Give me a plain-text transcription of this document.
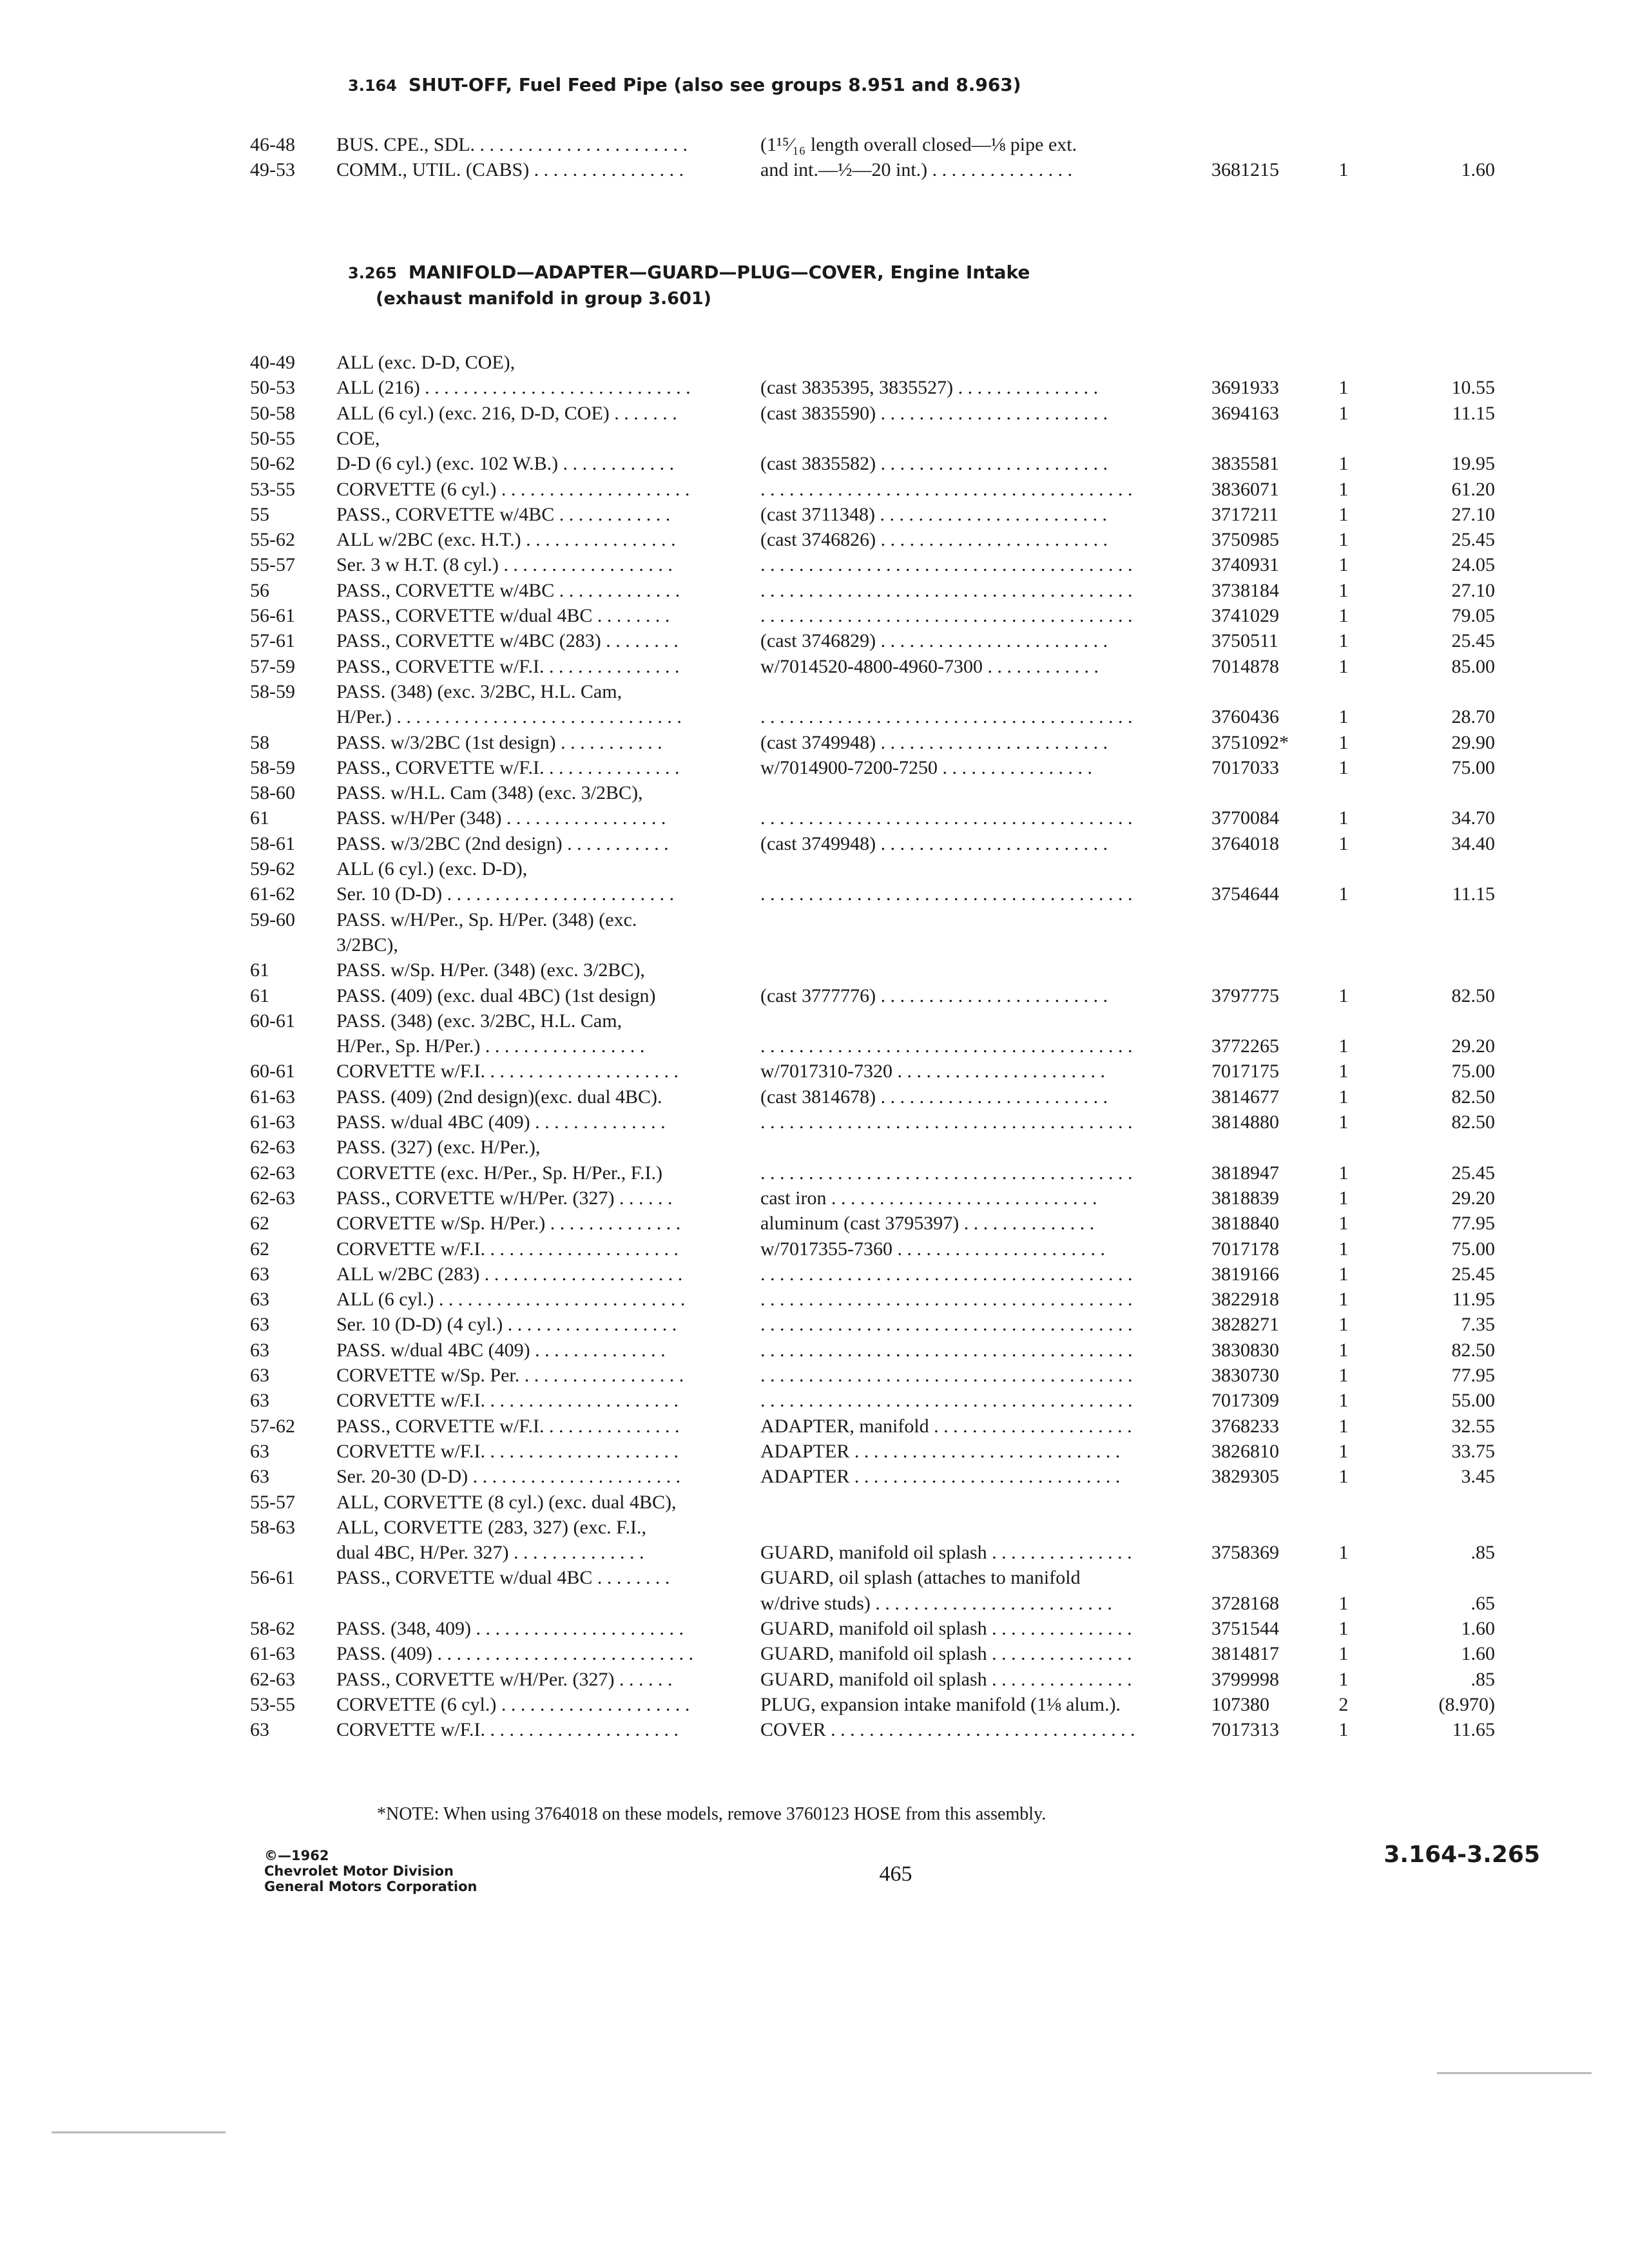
3.164 SHUT-OFF, Fuel Feed Pipe (also see groups 8.951 and 8.963)
46-48	BUS. CPE., SDL. . . . . . . . . . . . . . . . . . . . . . .	(1¹⁵⁄₁₆ length overall closed—⅛ pipe ext.
49-53	COMM., UTIL. (CABS) . . . . . . . . . . . . . . . .	and int.—½—20 int.) . . . . . . . . . . . . . . .	3681215	1	1.60
3.265 MANIFOLD—ADAPTER—GUARD—PLUG—COVER, Engine Intake
(exhaust manifold in group 3.601)
40-49	ALL (exc. D-D, COE),
50-53	ALL (216) . . . . . . . . . . . . . . . . . . . . . . . . . . . .	(cast 3835395, 3835527) . . . . . . . . . . . . . . .	3691933	1	10.55
50-58	ALL (6 cyl.) (exc. 216, D-D, COE) . . . . . . .	(cast 3835590) . . . . . . . . . . . . . . . . . . . . . . . .	3694163	1	11.15
50-55	COE,
50-62	D-D (6 cyl.) (exc. 102 W.B.) . . . . . . . . . . . .	(cast 3835582) . . . . . . . . . . . . . . . . . . . . . . . .	3835581	1	19.95
53-55	CORVETTE (6 cyl.) . . . . . . . . . . . . . . . . . . . .	. . . . . . . . . . . . . . . . . . . . . . . . . . . . . . . . . . . . . . .	3836071	1	61.20
55	PASS., CORVETTE w/4BC . . . . . . . . . . . .	(cast 3711348) . . . . . . . . . . . . . . . . . . . . . . . .	3717211	1	27.10
55-62	ALL w/2BC (exc. H.T.) . . . . . . . . . . . . . . . .	(cast 3746826) . . . . . . . . . . . . . . . . . . . . . . . .	3750985	1	25.45
55-57	Ser. 3 w H.T. (8 cyl.) . . . . . . . . . . . . . . . . . .	. . . . . . . . . . . . . . . . . . . . . . . . . . . . . . . . . . . . . . .	3740931	1	24.05
56	PASS., CORVETTE w/4BC . . . . . . . . . . . . .	. . . . . . . . . . . . . . . . . . . . . . . . . . . . . . . . . . . . . . .	3738184	1	27.10
56-61	PASS., CORVETTE w/dual 4BC . . . . . . . .	. . . . . . . . . . . . . . . . . . . . . . . . . . . . . . . . . . . . . . .	3741029	1	79.05
57-61	PASS., CORVETTE w/4BC (283) . . . . . . . .	(cast 3746829) . . . . . . . . . . . . . . . . . . . . . . . .	3750511	1	25.45
57-59	PASS., CORVETTE w/F.I. . . . . . . . . . . . . . .	w/7014520-4800-4960-7300 . . . . . . . . . . . .	7014878	1	85.00
58-59	PASS. (348) (exc. 3/2BC, H.L. Cam,
H/Per.) . . . . . . . . . . . . . . . . . . . . . . . . . . . . . .	. . . . . . . . . . . . . . . . . . . . . . . . . . . . . . . . . . . . . . .	3760436	1	28.70
58	PASS. w/3/2BC (1st design) . . . . . . . . . . .	(cast 3749948) . . . . . . . . . . . . . . . . . . . . . . . .	3751092*	1	29.90
58-59	PASS., CORVETTE w/F.I. . . . . . . . . . . . . . .	w/7014900-7200-7250 . . . . . . . . . . . . . . . .	7017033	1	75.00
58-60	PASS. w/H.L. Cam (348) (exc. 3/2BC),
61	PASS. w/H/Per (348) . . . . . . . . . . . . . . . . .	. . . . . . . . . . . . . . . . . . . . . . . . . . . . . . . . . . . . . . .	3770084	1	34.70
58-61	PASS. w/3/2BC (2nd design) . . . . . . . . . . .	(cast 3749948) . . . . . . . . . . . . . . . . . . . . . . . .	3764018	1	34.40
59-62	ALL (6 cyl.) (exc. D-D),
61-62	Ser. 10 (D-D) . . . . . . . . . . . . . . . . . . . . . . . .	. . . . . . . . . . . . . . . . . . . . . . . . . . . . . . . . . . . . . . .	3754644	1	11.15
59-60	PASS. w/H/Per., Sp. H/Per. (348) (exc.
3/2BC),
61	PASS. w/Sp. H/Per. (348) (exc. 3/2BC),
61	PASS. (409) (exc. dual 4BC) (1st design)	(cast 3777776) . . . . . . . . . . . . . . . . . . . . . . . .	3797775	1	82.50
60-61	PASS. (348) (exc. 3/2BC, H.L. Cam,
H/Per., Sp. H/Per.) . . . . . . . . . . . . . . . . .	. . . . . . . . . . . . . . . . . . . . . . . . . . . . . . . . . . . . . . .	3772265	1	29.20
60-61	CORVETTE w/F.I. . . . . . . . . . . . . . . . . . . . .	w/7017310-7320 . . . . . . . . . . . . . . . . . . . . . .	7017175	1	75.00
61-63	PASS. (409) (2nd design)(exc. dual 4BC).	(cast 3814678) . . . . . . . . . . . . . . . . . . . . . . . .	3814677	1	82.50
61-63	PASS. w/dual 4BC (409) . . . . . . . . . . . . . .	. . . . . . . . . . . . . . . . . . . . . . . . . . . . . . . . . . . . . . .	3814880	1	82.50
62-63	PASS. (327) (exc. H/Per.),
62-63	CORVETTE (exc. H/Per., Sp. H/Per., F.I.)	. . . . . . . . . . . . . . . . . . . . . . . . . . . . . . . . . . . . . . .	3818947	1	25.45
62-63	PASS., CORVETTE w/H/Per. (327) . . . . . .	cast iron . . . . . . . . . . . . . . . . . . . . . . . . . . . .	3818839	1	29.20
62	CORVETTE w/Sp. H/Per.) . . . . . . . . . . . . . .	aluminum (cast 3795397) . . . . . . . . . . . . . .	3818840	1	77.95
62	CORVETTE w/F.I. . . . . . . . . . . . . . . . . . . . .	w/7017355-7360 . . . . . . . . . . . . . . . . . . . . . .	7017178	1	75.00
63	ALL w/2BC (283) . . . . . . . . . . . . . . . . . . . . .	. . . . . . . . . . . . . . . . . . . . . . . . . . . . . . . . . . . . . . .	3819166	1	25.45
63	ALL (6 cyl.) . . . . . . . . . . . . . . . . . . . . . . . . . .	. . . . . . . . . . . . . . . . . . . . . . . . . . . . . . . . . . . . . . .	3822918	1	11.95
63	Ser. 10 (D-D) (4 cyl.) . . . . . . . . . . . . . . . . . .	. . . . . . . . . . . . . . . . . . . . . . . . . . . . . . . . . . . . . . .	3828271	1	7.35
63	PASS. w/dual 4BC (409) . . . . . . . . . . . . . .	. . . . . . . . . . . . . . . . . . . . . . . . . . . . . . . . . . . . . . .	3830830	1	82.50
63	CORVETTE w/Sp. Per. . . . . . . . . . . . . . . . . .	. . . . . . . . . . . . . . . . . . . . . . . . . . . . . . . . . . . . . . .	3830730	1	77.95
63	CORVETTE w/F.I. . . . . . . . . . . . . . . . . . . . .	. . . . . . . . . . . . . . . . . . . . . . . . . . . . . . . . . . . . . . .	7017309	1	55.00
57-62	PASS., CORVETTE w/F.I. . . . . . . . . . . . . . .	ADAPTER, manifold . . . . . . . . . . . . . . . . . . . . .	3768233	1	32.55
63	CORVETTE w/F.I. . . . . . . . . . . . . . . . . . . . .	ADAPTER . . . . . . . . . . . . . . . . . . . . . . . . . . . .	3826810	1	33.75
63	Ser. 20-30 (D-D) . . . . . . . . . . . . . . . . . . . . . .	ADAPTER . . . . . . . . . . . . . . . . . . . . . . . . . . . .	3829305	1	3.45
55-57	ALL, CORVETTE (8 cyl.) (exc. dual 4BC),
58-63	ALL, CORVETTE (283, 327) (exc. F.I.,
dual 4BC, H/Per. 327) . . . . . . . . . . . . . .	GUARD, manifold oil splash . . . . . . . . . . . . . . .	3758369	1	.85
56-61	PASS., CORVETTE w/dual 4BC . . . . . . . .	GUARD, oil splash (attaches to manifold
w/drive studs) . . . . . . . . . . . . . . . . . . . . . . . . .	3728168	1	.65
58-62	PASS. (348, 409) . . . . . . . . . . . . . . . . . . . . . .	GUARD, manifold oil splash . . . . . . . . . . . . . . .	3751544	1	1.60
61-63	PASS. (409) . . . . . . . . . . . . . . . . . . . . . . . . . . .	GUARD, manifold oil splash . . . . . . . . . . . . . . .	3814817	1	1.60
62-63	PASS., CORVETTE w/H/Per. (327) . . . . . .	GUARD, manifold oil splash . . . . . . . . . . . . . . .	3799998	1	.85
53-55	CORVETTE (6 cyl.) . . . . . . . . . . . . . . . . . . . .	PLUG, expansion intake manifold (1⅛ alum.).	107380	2	(8.970)
63	CORVETTE w/F.I. . . . . . . . . . . . . . . . . . . . .	COVER . . . . . . . . . . . . . . . . . . . . . . . . . . . . . . . .	7017313	1	11.65
*NOTE: When using 3764018 on these models, remove 3760123 HOSE from this assembly.
©—1962
Chevrolet Motor Division
General Motors Corporation
465
3.164-3.265
